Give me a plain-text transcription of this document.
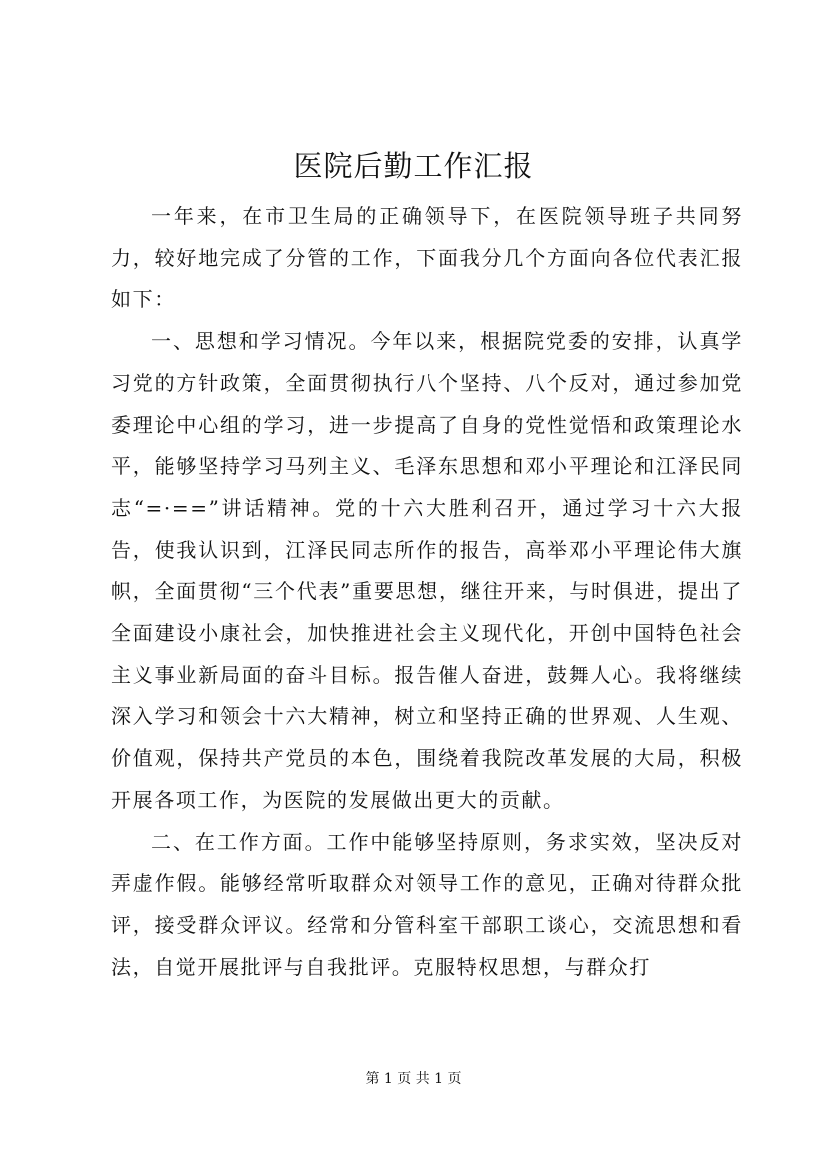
医院后勤工作汇报

一年来，在市卫生局的正确领导下，在医院领导班子共同努力，较好地完成了分管的工作，下面我分几个方面向各位代表汇报如下：

一、思想和学习情况。今年以来，根据院党委的安排，认真学习党的方针政策，全面贯彻执行八个坚持、八个反对，通过参加党委理论中心组的学习，进一步提高了自身的党性觉悟和政策理论水平，能够坚持学习马列主义、毛泽东思想和邓小平理论和江泽民同志“=·==”讲话精神。党的十六大胜利召开，通过学习十六大报告，使我认识到，江泽民同志所作的报告，高举邓小平理论伟大旗帜，全面贯彻“三个代表”重要思想，继往开来，与时俱进，提出了全面建设小康社会，加快推进社会主义现代化，开创中国特色社会主义事业新局面的奋斗目标。报告催人奋进，鼓舞人心。我将继续深入学习和领会十六大精神，树立和坚持正确的世界观、人生观、价值观，保持共产党员的本色，围绕着我院改革发展的大局，积极开展各项工作，为医院的发展做出更大的贡献。

二、在工作方面。工作中能够坚持原则，务求实效，坚决反对弄虚作假。能够经常听取群众对领导工作的意见，正确对待群众批评，接受群众评议。经常和分管科室干部职工谈心，交流思想和看法，自觉开展批评与自我批评。克服特权思想，与群众打

第 1 页 共 1 页
